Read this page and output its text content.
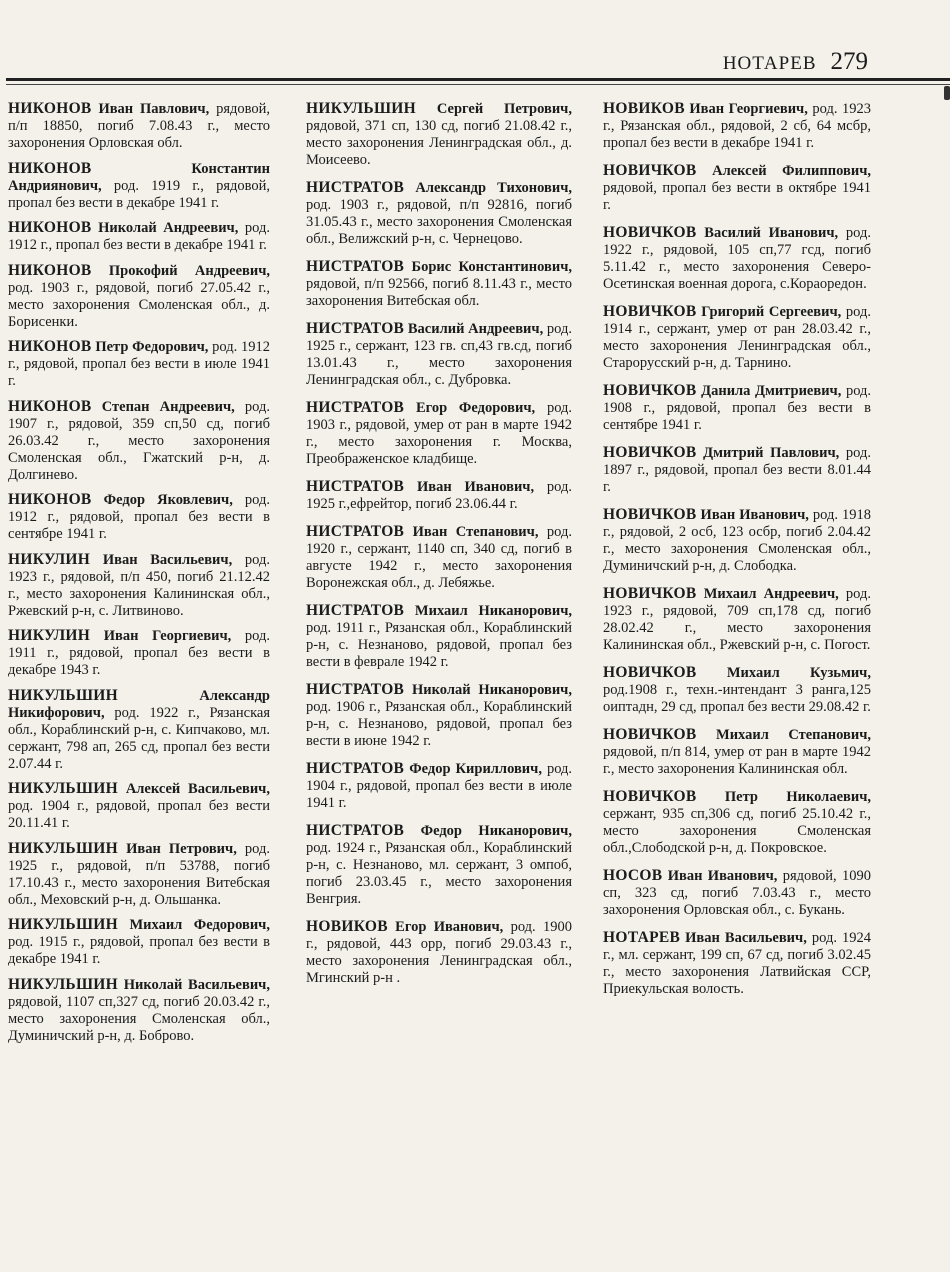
НОТАРЕВ 279
НИКОНОВ Иван Павлович, рядовой, п/п 18850, погиб 7.08.43 г., место захоронения Орловская обл.
НИКОНОВ	Константин Андриянович, род. 1919 г., рядовой, пропал без вести в декабре 1941 г.
НИКОНОВ Николай Андреевич, род. 1912 г., пропал без вести в декабре 1941 г.
НИКОНОВ Прокофий Андреевич, род. 1903 г., рядовой, погиб 27.05.42 г., место захоронения Смоленская обл., д. Борисенки.
НИКОНОВ Петр Федорович, род. 1912 г., рядовой, пропал без вести в июле 1941 г.
НИКОНОВ Степан Андреевич, род. 1907 г., рядовой, 359 сп,50 сд, погиб 26.03.42 г., место захоронения Смоленская обл., Гжатский р-н, д. Долгинево.
НИКОНОВ Федор Яковлевич, род. 1912 г., рядовой, пропал без вести в сентябре 1941 г.
НИКУЛИН Иван Васильевич, род. 1923 г., рядовой, п/п 450, погиб 21.12.42 г., место захоронения Калининская обл., Ржевский р-н, с. Литвиново.
НИКУЛИН Иван Георгиевич, род. 1911 г., рядовой, пропал без вести в декабре 1943 г.
НИКУЛЬШИН	Александр Никифорович, род. 1922 г., Рязанская обл., Кораблинский р-н, с. Кипчаково, мл. сержант, 798 ап, 265 сд, пропал без вести 2.07.44 г.
НИКУЛЬШИН Алексей Васильевич, род. 1904 г., рядовой, пропал без вести 20.11.41 г.
НИКУЛЬШИН Иван Петрович, род. 1925 г., рядовой, п/п 53788, погиб 17.10.43 г., место захоронения Витебская обл., Меховский р-н, д. Ольшанка.
НИКУЛЬШИН Михаил Федорович, род. 1915 г., рядовой, пропал без вести в декабре 1941 г.
НИКУЛЬШИН Николай Васильевич, рядовой, 1107 сп,327 сд, погиб 20.03.42 г., место захоронения Смоленская обл., Думиничский р-н, д. Боброво.
НИКУЛЬШИН Сергей Петрович, рядовой, 371 сп, 130 сд, погиб 21.08.42 г., место захоронения Ленинградская обл., д. Моисеево.
НИСТРАТОВ Александр Тихонович, род. 1903 г., рядовой, п/п 92816, погиб 31.05.43 г., место захоронения Смоленская обл., Велижский р-н, с. Чернецово.
НИСТРАТОВ Борис Константинович, рядовой, п/п 92566, погиб 8.11.43 г., место захоронения Витебская обл.
НИСТРАТОВ Василий Андреевич, род. 1925 г., сержант, 123 гв. сп,43 гв.сд, погиб 13.01.43 г., место захоронения Ленинградская обл., с. Дубровка.
НИСТРАТОВ Егор Федорович, род. 1903 г., рядовой, умер от ран в марте 1942 г., место захоронения г. Москва, Преображенское кладбище.
НИСТРАТОВ Иван Иванович, род. 1925 г.,ефрейтор, погиб 23.06.44 г.
НИСТРАТОВ Иван Степанович, род. 1920 г., сержант, 1140 сп, 340 сд, погиб в августе 1942 г., место захоронения Воронежская обл., д. Лебяжье.
НИСТРАТОВ Михаил Никанорович, род. 1911 г., Рязанская обл., Кораблинский р-н, с. Незнаново, рядовой, пропал без вести в феврале 1942 г.
НИСТРАТОВ Николай Никанорович, род. 1906 г., Рязанская обл., Кораблинский р-н, с. Незнаново, рядовой, пропал без вести в июне 1942 г.
НИСТРАТОВ Федор Кириллович, род. 1904 г., рядовой, пропал без вести в июле 1941 г.
НИСТРАТОВ Федор Никанорович, род. 1924 г., Рязанская обл., Кораблинский р-н, с. Незнаново, мл. сержант, 3 омпоб, погиб 23.03.45 г., место захоронения Венгрия.
НОВИКОВ Егор Иванович, род. 1900 г., рядовой, 443 орр, погиб 29.03.43 г., место захоронения Ленинградская обл., Мгинский р-н .
НОВИКОВ Иван Георгиевич, род. 1923 г., Рязанская обл., рядовой, 2 сб, 64 мсбр, пропал без вести в декабре 1941 г.
НОВИЧКОВ Алексей Филиппович, рядовой, пропал без вести в октябре 1941 г.
НОВИЧКОВ Василий Иванович, род. 1922 г., рядовой, 105 сп,77 гсд, погиб 5.11.42 г., место захоронения Северо-Осетинская военная дорога, с.Кораоредон.
НОВИЧКОВ Григорий Сергеевич, род. 1914 г., сержант, умер от ран 28.03.42 г., место захоронения Ленинградская обл., Старорусский р-н, д. Тарнино.
НОВИЧКОВ Данила Дмитриевич, род. 1908 г., рядовой, пропал без вести в сентябре 1941 г.
НОВИЧКОВ Дмитрий Павлович, род. 1897 г., рядовой, пропал без вести 8.01.44 г.
НОВИЧКОВ Иван Иванович, род. 1918 г., рядовой, 2 осб, 123 осбр, погиб 2.04.42 г., место захоронения Смоленская обл., Думиничский р-н, д. Слободка.
НОВИЧКОВ Михаил Андреевич, род. 1923 г., рядовой, 709 сп,178 сд, погиб 28.02.42 г., место захоронения Калининская обл., Ржевский р-н, с. Погост.
НОВИЧКОВ Михаил Кузьмич, род.1908 г., техн.-интендант 3 ранга,125 оиптадн, 29 сд, пропал без вести 29.08.42 г.
НОВИЧКОВ Михаил Степанович, рядовой, п/п 814, умер от ран в марте 1942 г., место захоронения Калининская обл.
НОВИЧКОВ Петр Николаевич, сержант, 935 сп,306 сд, погиб 25.10.42 г., место захоронения Смоленская обл.,Слободской р-н, д. Покровское.
НОСОВ Иван Иванович, рядовой, 1090 сп, 323 сд, погиб 7.03.43 г., место захоронения Орловская обл., с. Букань.
НОТАРЕВ Иван Васильевич, род. 1924 г., мл. сержант, 199 сп, 67 сд, погиб 3.02.45 г., место захоронения Латвийская ССР, Приекульская волость.
